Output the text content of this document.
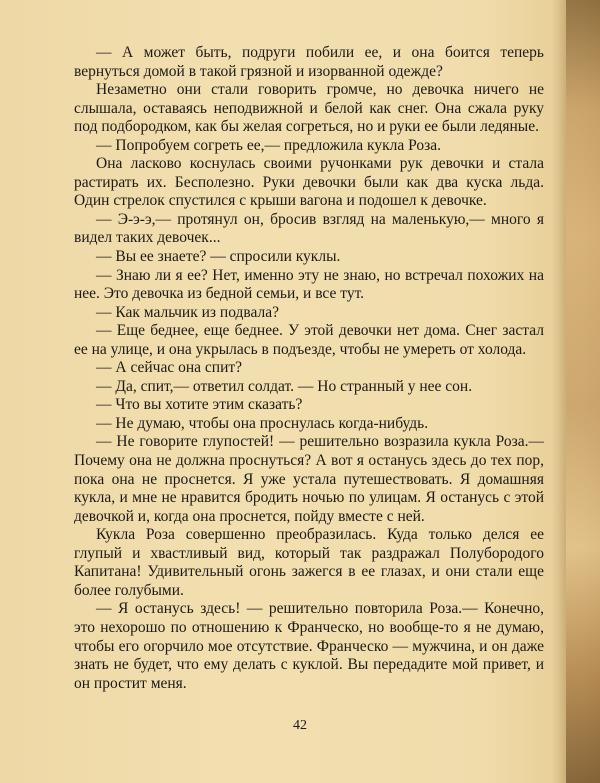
— А может быть, подруги побили ее, и она боится теперь вернуться домой в такой грязной и изорванной одежде?

Незаметно они стали говорить громче, но девочка ничего не слышала, оставаясь неподвижной и белой как снег. Она сжала руку под подбородком, как бы желая согреться, но и руки ее были ледяные.

— Попробуем согреть ее,— предложила кукла Роза.

Она ласково коснулась своими ручонками рук девочки и стала растирать их. Бесполезно. Руки девочки были как два куска льда. Один стрелок спустился с крыши вагона и подошел к девочке.

— Э-э-э,— протянул он, бросив взгляд на маленькую,— много я видел таких девочек...

— Вы ее знаете? — спросили куклы.

— Знаю ли я ее? Нет, именно эту не знаю, но встречал похожих на нее. Это девочка из бедной семьи, и все тут.

— Как мальчик из подвала?

— Еще беднее, еще беднее. У этой девочки нет дома. Снег застал ее на улице, и она укрылась в подъезде, чтобы не умереть от холода.

— А сейчас она спит?

— Да, спит,— ответил солдат. — Но странный у нее сон.

— Что вы хотите этим сказать?

— Не думаю, чтобы она проснулась когда-нибудь.

— Не говорите глупостей! — решительно возразила кукла Роза.— Почему она не должна проснуться? А вот я останусь здесь до тех пор, пока она не проснется. Я уже устала путешествовать. Я домашняя кукла, и мне не нравится бродить ночью по улицам. Я останусь с этой девочкой и, когда она проснется, пойду вместе с ней.

Кукла Роза совершенно преобразилась. Куда только делся ее глупый и хвастливый вид, который так раздражал Полубородого Капитана! Удивительный огонь зажегся в ее глазах, и они стали еще более голубыми.

— Я останусь здесь! — решительно повторила Роза.— Конечно, это нехорошо по отношению к Франческо, но вообще-то я не думаю, чтобы его огорчило мое отсутствие. Франческо — мужчина, и он даже знать не будет, что ему делать с куклой. Вы передадите мой привет, и он простит меня.

42
